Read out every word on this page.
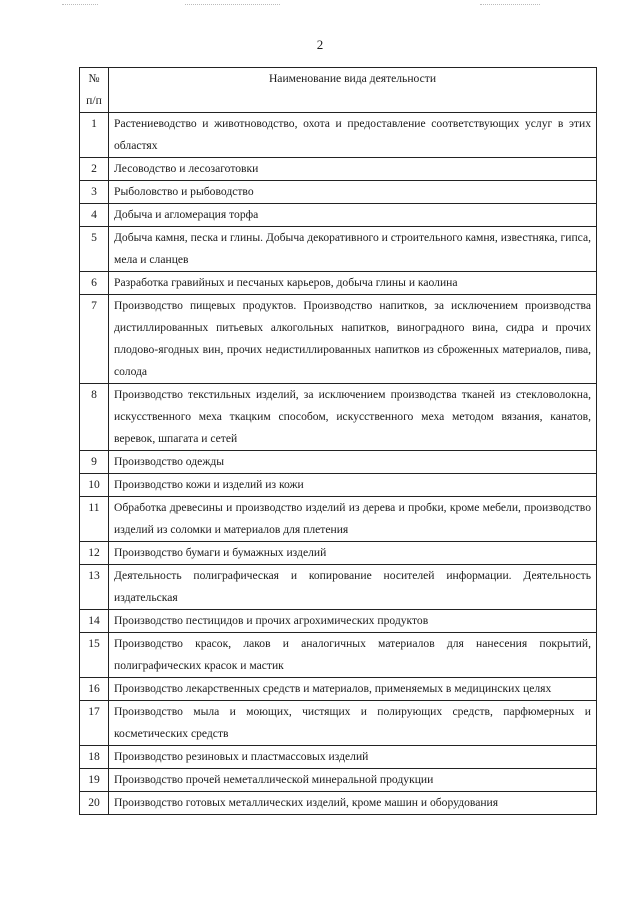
2
№
п/п	Наименование вида деятельности
1	Растениеводство и животноводство, охота и предоставление соответствующих услуг в этих областях
2	Лесоводство и лесозаготовки
3	Рыболовство и рыбоводство
4	Добыча и агломерация торфа
5	Добыча камня, песка и глины. Добыча декоративного и строительного камня, известняка, гипса, мела и сланцев
6	Разработка гравийных и песчаных карьеров, добыча глины и каолина
7	Производство пищевых продуктов. Производство напитков, за исключением производства дистиллированных питьевых алкогольных напитков, виноградного вина, сидра и прочих плодово-ягодных вин, прочих недистиллированных напитков из сброженных материалов, пива, солода
8	Производство текстильных изделий, за исключением производства тканей из стекловолокна, искусственного меха ткацким способом, искусственного меха методом вязания, канатов, веревок, шпагата и сетей
9	Производство одежды
10	Производство кожи и изделий из кожи
11	Обработка древесины и производство изделий из дерева и пробки, кроме мебели, производство изделий из соломки и материалов для плетения
12	Производство бумаги и бумажных изделий
13	Деятельность полиграфическая и копирование носителей информации. Деятельность издательская
14	Производство пестицидов и прочих агрохимических продуктов
15	Производство красок, лаков и аналогичных материалов для нанесения покрытий, полиграфических красок и мастик
16	Производство лекарственных средств и материалов, применяемых в медицинских целях
17	Производство мыла и моющих, чистящих и полирующих средств, парфюмерных и косметических средств
18	Производство резиновых и пластмассовых изделий
19	Производство прочей неметаллической минеральной продукции
20	Производство готовых металлических изделий, кроме машин и оборудования
